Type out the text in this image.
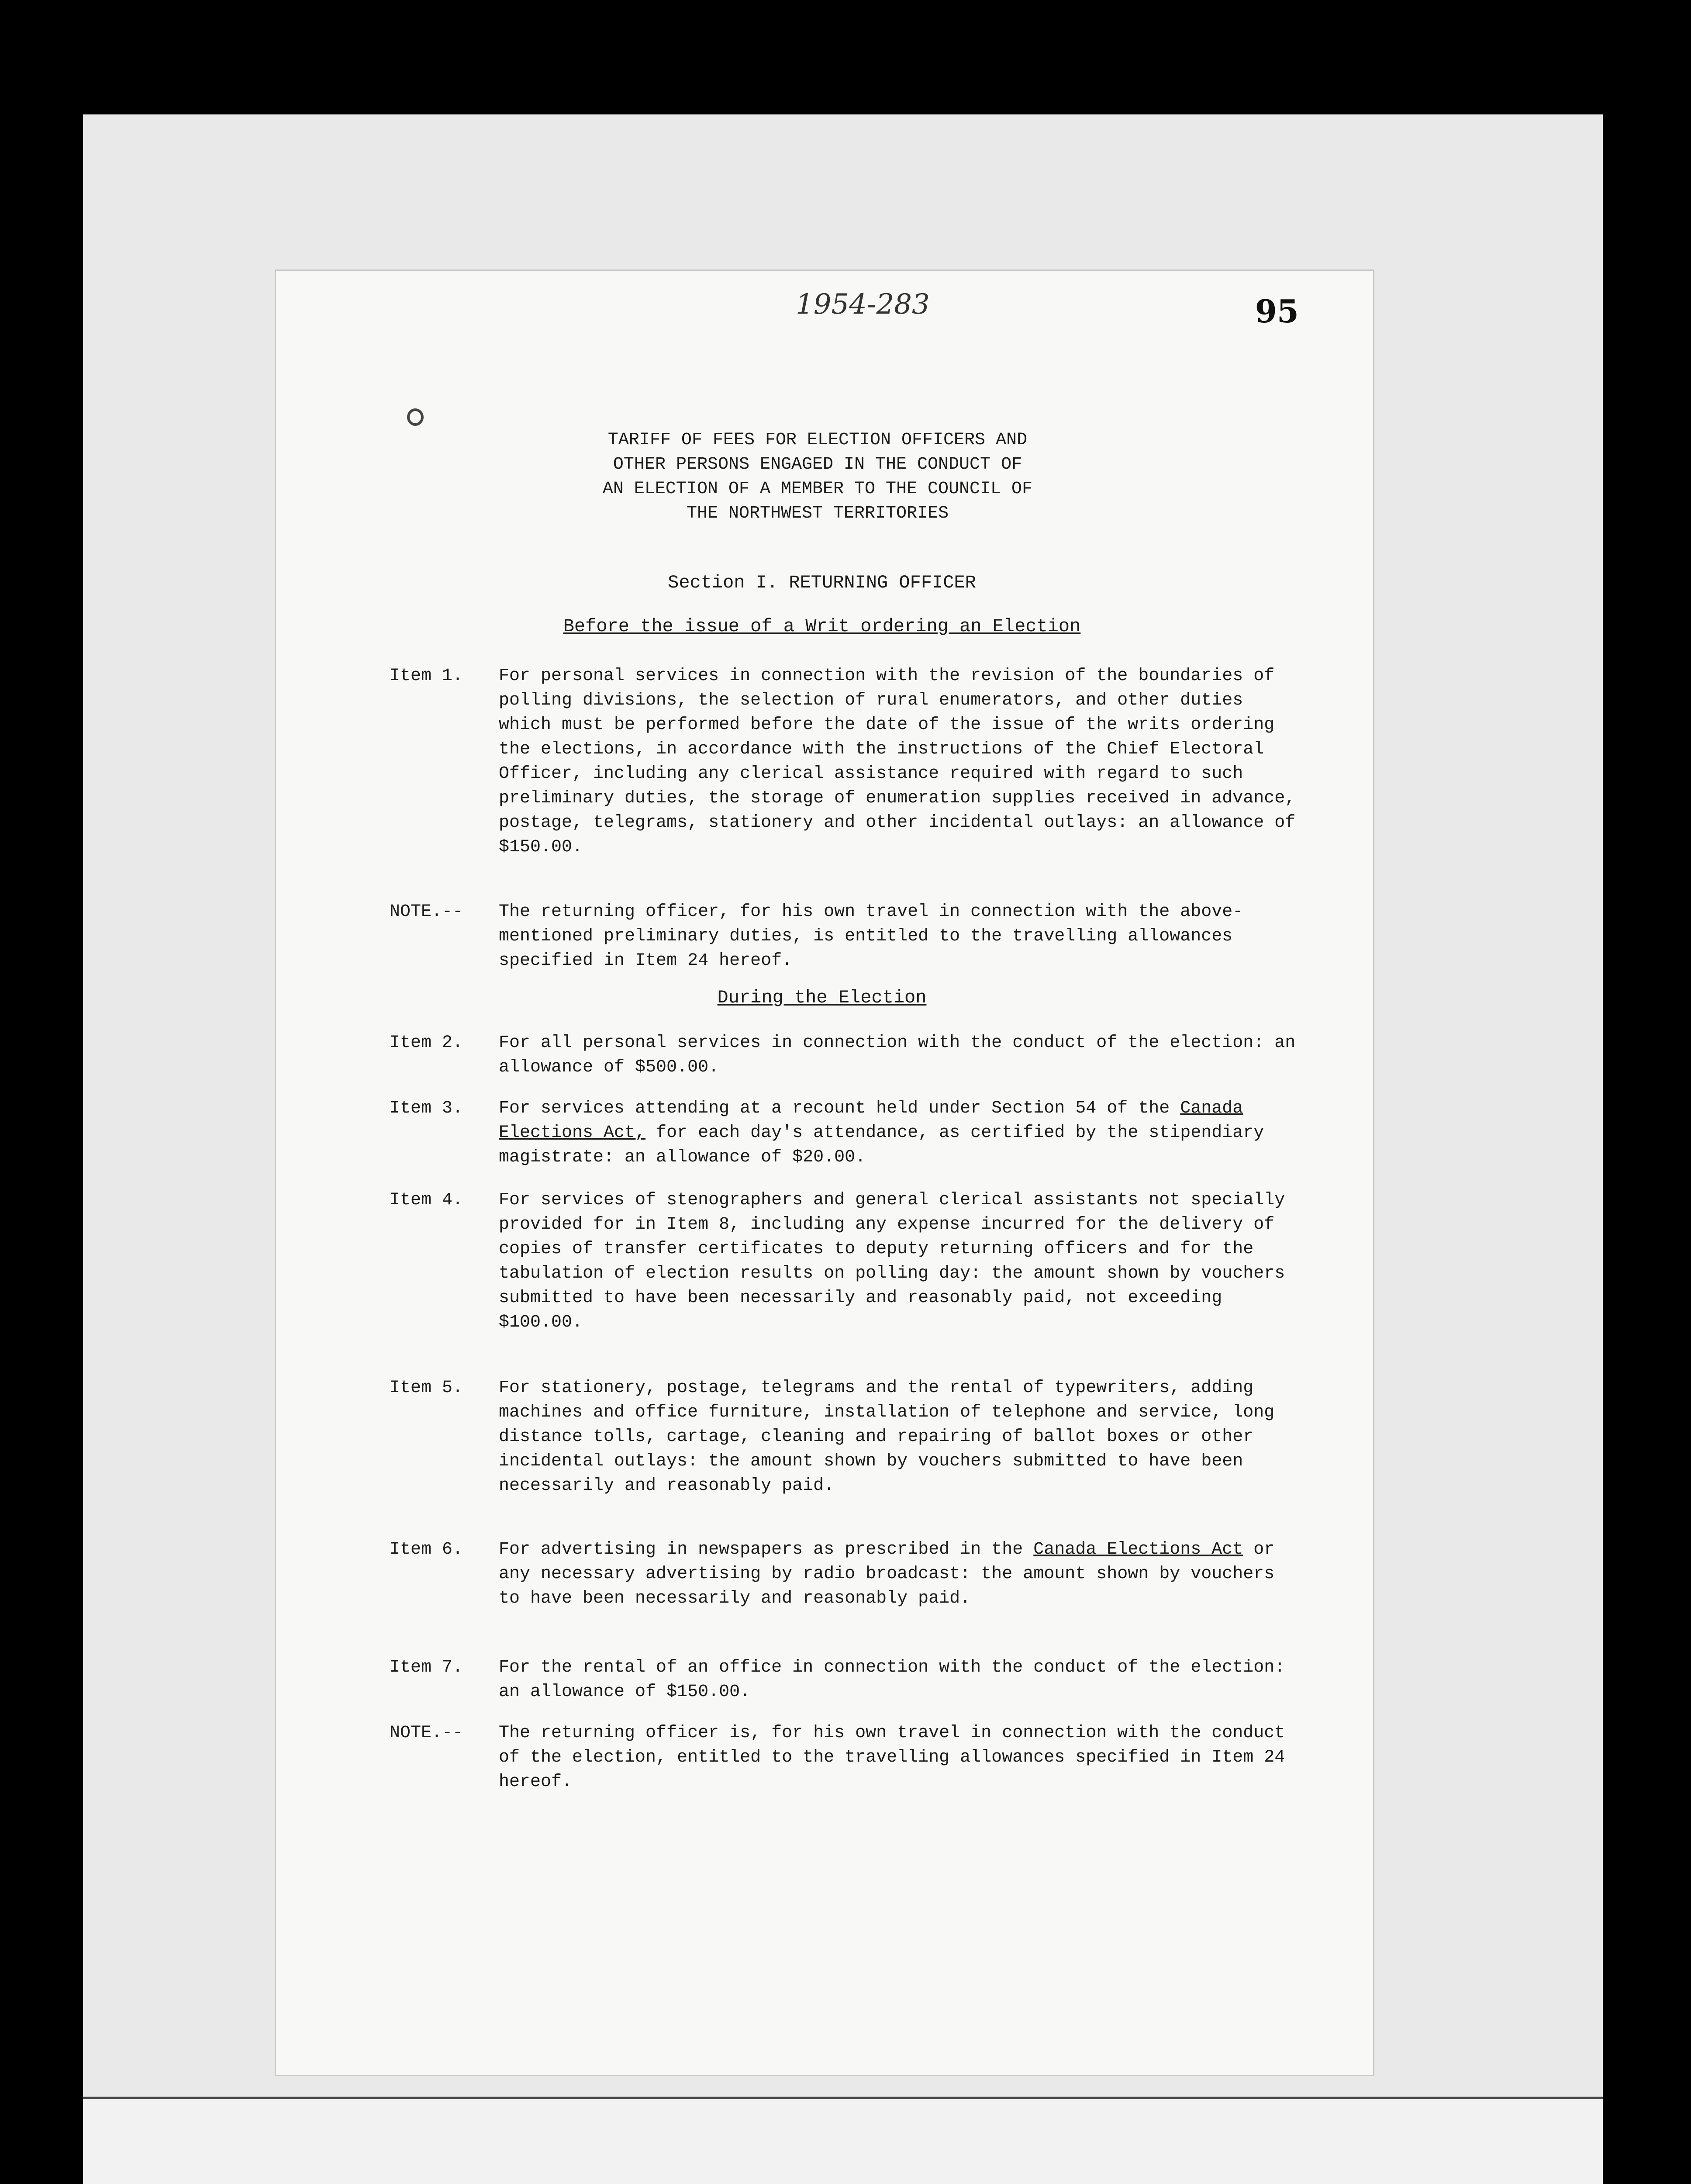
1954-283	95
TARIFF OF FEES FOR ELECTION OFFICERS AND
OTHER PERSONS ENGAGED IN THE CONDUCT OF
AN ELECTION OF A MEMBER TO THE COUNCIL OF
THE NORTHWEST TERRITORIES
Section I. RETURNING OFFICER
Before the issue of a Writ ordering an Election
Item 1.	For personal services in connection with the revision of the boundaries of polling divisions, the selection of rural enumerators, and other duties which must be performed before the date of the issue of the writs ordering the elections, in accordance with the instructions of the Chief Electoral Officer, including any clerical assistance required with regard to such preliminary duties, the storage of enumeration supplies received in advance, postage, telegrams, stationery and other incidental outlays: an allowance of $150.00.
NOTE.--	The returning officer, for his own travel in connection with the above-mentioned preliminary duties, is entitled to the travelling allowances specified in Item 24 hereof.
During the Election
Item 2.	For all personal services in connection with the conduct of the election: an allowance of $500.00.
Item 3.	For services attending at a recount held under Section 54 of the Canada Elections Act, for each day's attendance, as certified by the stipendiary magistrate: an allowance of $20.00.
Item 4.	For services of stenographers and general clerical assistants not specially provided for in Item 8, including any expense incurred for the delivery of copies of transfer certificates to deputy returning officers and for the tabulation of election results on polling day: the amount shown by vouchers submitted to have been necessarily and reasonably paid, not exceeding $100.00.
Item 5.	For stationery, postage, telegrams and the rental of typewriters, adding machines and office furniture, installation of telephone and service, long distance tolls, cartage, cleaning and repairing of ballot boxes or other incidental outlays: the amount shown by vouchers submitted to have been necessarily and reasonably paid.
Item 6.	For advertising in newspapers as prescribed in the Canada Elections Act or any necessary advertising by radio broadcast: the amount shown by vouchers to have been necessarily and reasonably paid.
Item 7.	For the rental of an office in connection with the conduct of the election: an allowance of $150.00.
NOTE.--	The returning officer is, for his own travel in connection with the conduct of the election, entitled to the travelling allowances specified in Item 24 hereof.
